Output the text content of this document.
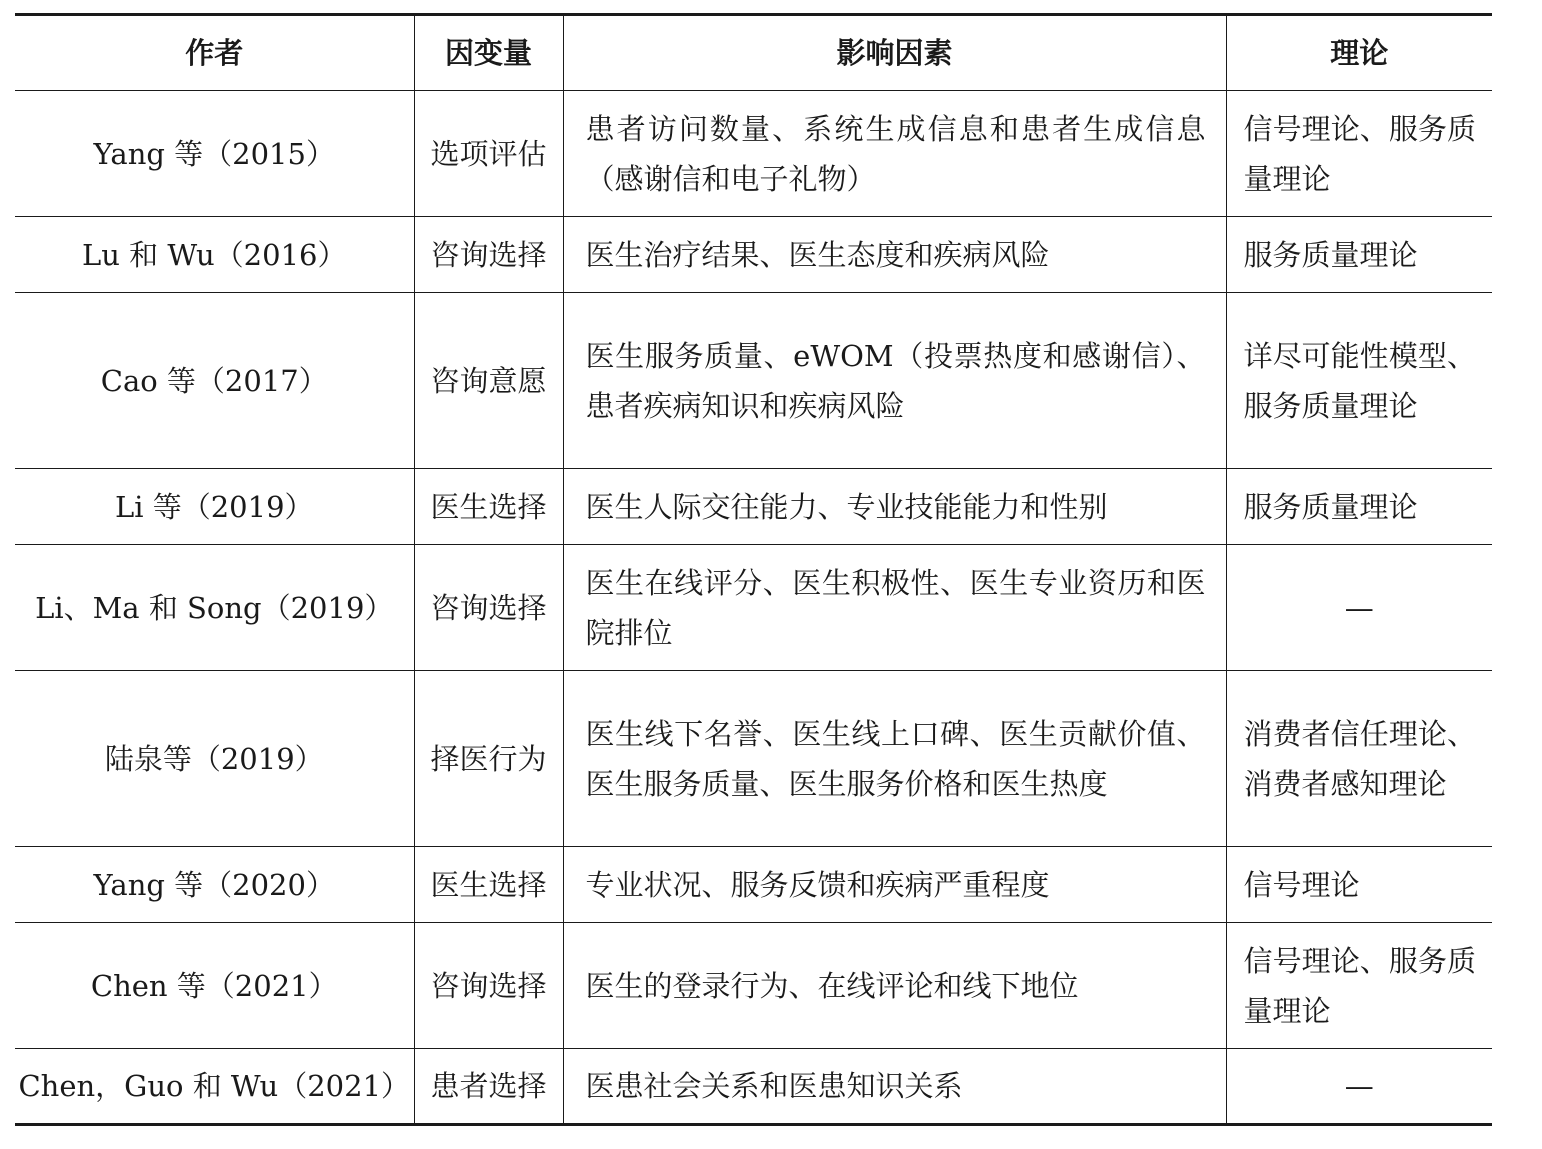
作者	因变量	影响因素	理论
Yang 等（2015）	选项评估	患者访问数量、系统生成信息和患者生成信息（感谢信和电子礼物）	信号理论、服务质量理论
Lu 和 Wu（2016）	咨询选择	医生治疗结果、医生态度和疾病风险	服务质量理论
Cao 等（2017）	咨询意愿	医生服务质量、eWOM（投票热度和感谢信）、患者疾病知识和疾病风险	详尽可能性模型、服务质量理论
Li 等（2019）	医生选择	医生人际交往能力、专业技能能力和性别	服务质量理论
Li、Ma 和 Song（2019）	咨询选择	医生在线评分、医生积极性、医生专业资历和医院排位	—
陆泉等（2019）	择医行为	医生线下名誉、医生线上口碑、医生贡献价值、医生服务质量、医生服务价格和医生热度	消费者信任理论、消费者感知理论
Yang 等（2020）	医生选择	专业状况、服务反馈和疾病严重程度	信号理论
Chen 等（2021）	咨询选择	医生的登录行为、在线评论和线下地位	信号理论、服务质量理论
Chen，Guo 和 Wu（2021）	患者选择	医患社会关系和医患知识关系	—
